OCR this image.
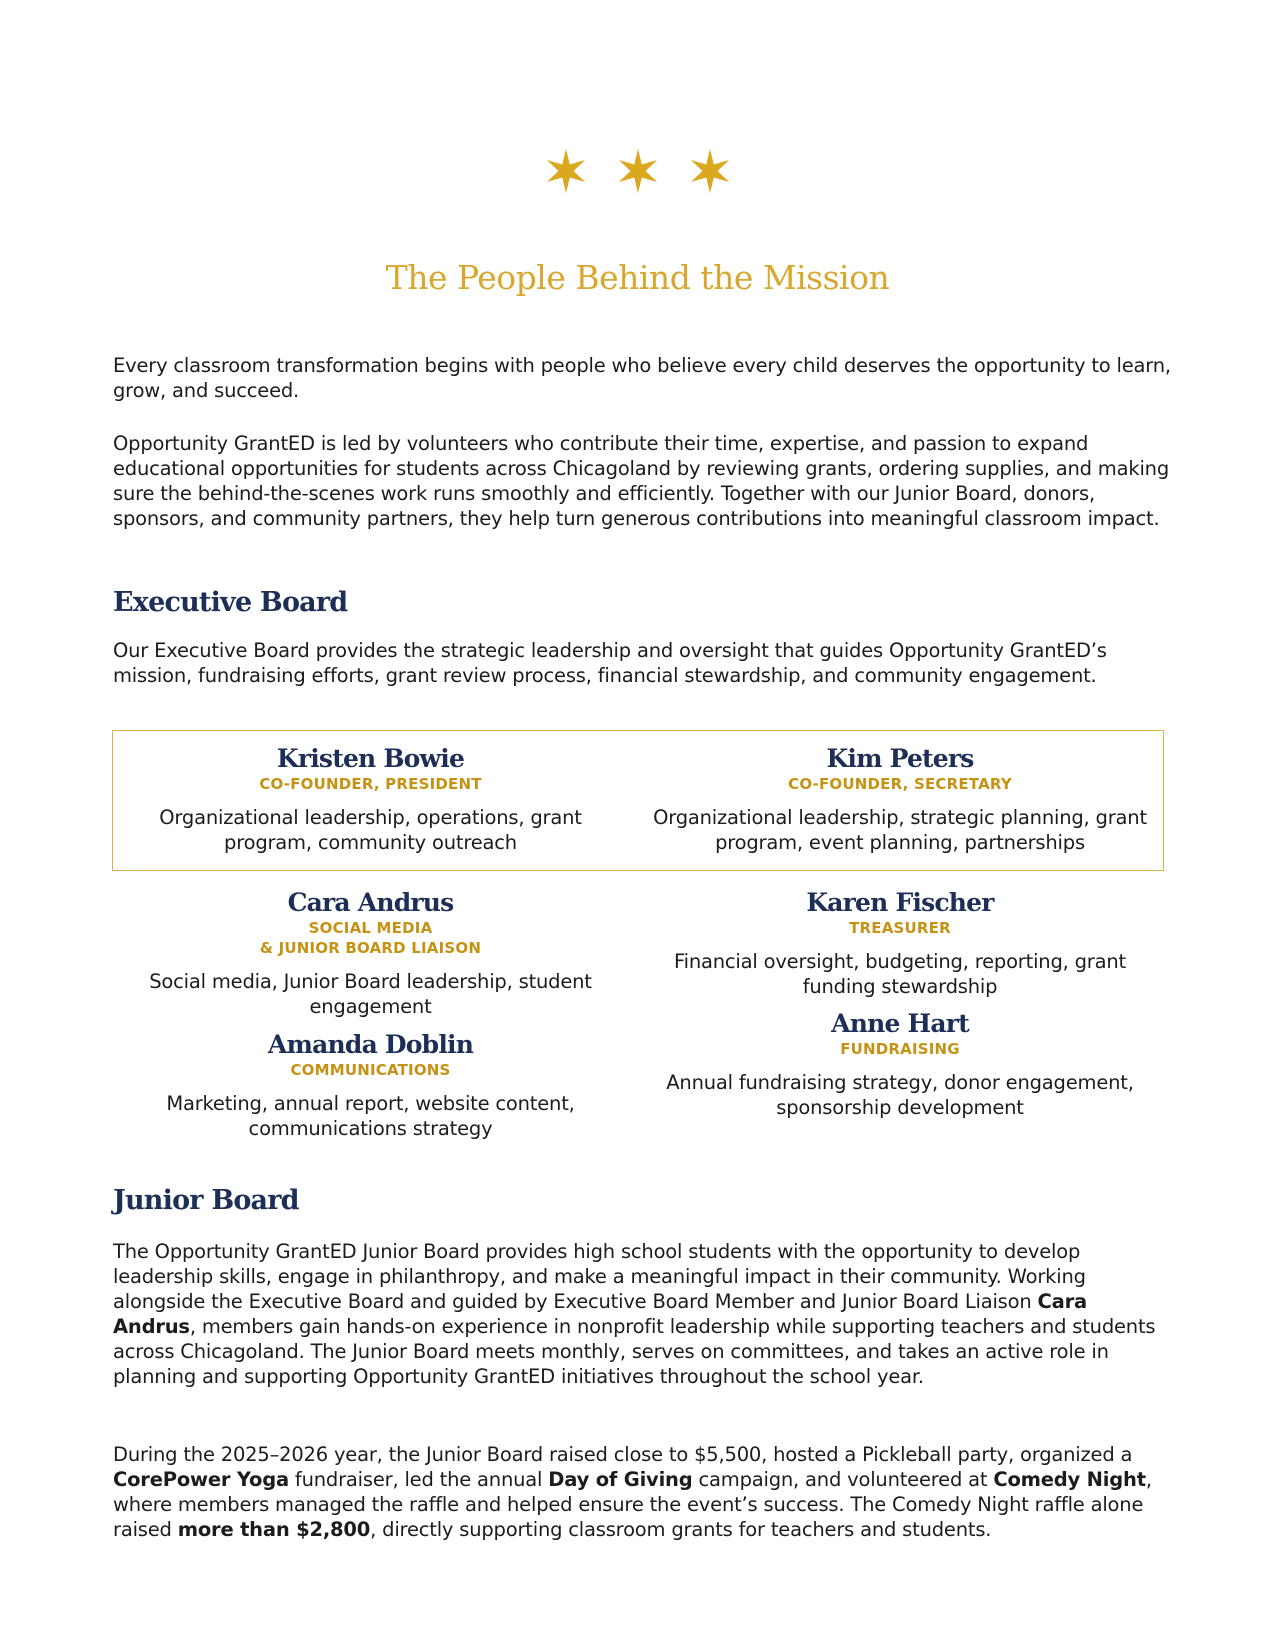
The People Behind the Mission

Every classroom transformation begins with people who believe every child deserves the opportunity to learn, grow, and succeed.

Opportunity GrantED is led by volunteers who contribute their time, expertise, and passion to expand educational opportunities for students across Chicagoland by reviewing grants, ordering supplies, and making sure the behind-the-scenes work runs smoothly and efficiently. Together with our Junior Board, donors, sponsors, and community partners, they help turn generous contributions into meaningful classroom impact.

Executive Board

Our Executive Board provides the strategic leadership and oversight that guides Opportunity GrantED’s mission, fundraising efforts, grant review process, financial stewardship, and community engagement.

Kristen Bowie
CO-FOUNDER, PRESIDENT
Organizational leadership, operations, grant program, community outreach
Kim Peters
CO-FOUNDER, SECRETARY
Organizational leadership, strategic planning, grant program, event planning, partnerships
Cara Andrus
SOCIAL MEDIA
& JUNIOR BOARD LIAISON
Social media, Junior Board leadership, student engagement
Karen Fischer
TREASURER
Financial oversight, budgeting, reporting, grant funding stewardship
Amanda Doblin
COMMUNICATIONS
Marketing, annual report, website content, communications strategy
Anne Hart
FUNDRAISING
Annual fundraising strategy, donor engagement, sponsorship development
Junior Board

The Opportunity GrantED Junior Board provides high school students with the opportunity to develop leadership skills, engage in philanthropy, and make a meaningful impact in their community. Working alongside the Executive Board and guided by Executive Board Member and Junior Board Liaison Cara Andrus, members gain hands-on experience in nonprofit leadership while supporting teachers and students across Chicagoland. The Junior Board meets monthly, serves on committees, and takes an active role in planning and supporting Opportunity GrantED initiatives throughout the school year.

During the 2025–2026 year, the Junior Board raised close to $5,500, hosted a Pickleball party, organized a CorePower Yoga fundraiser, led the annual Day of Giving campaign, and volunteered at Comedy Night, where members managed the raffle and helped ensure the event’s success. The Comedy Night raffle alone raised more than $2,800, directly supporting classroom grants for teachers and students.
